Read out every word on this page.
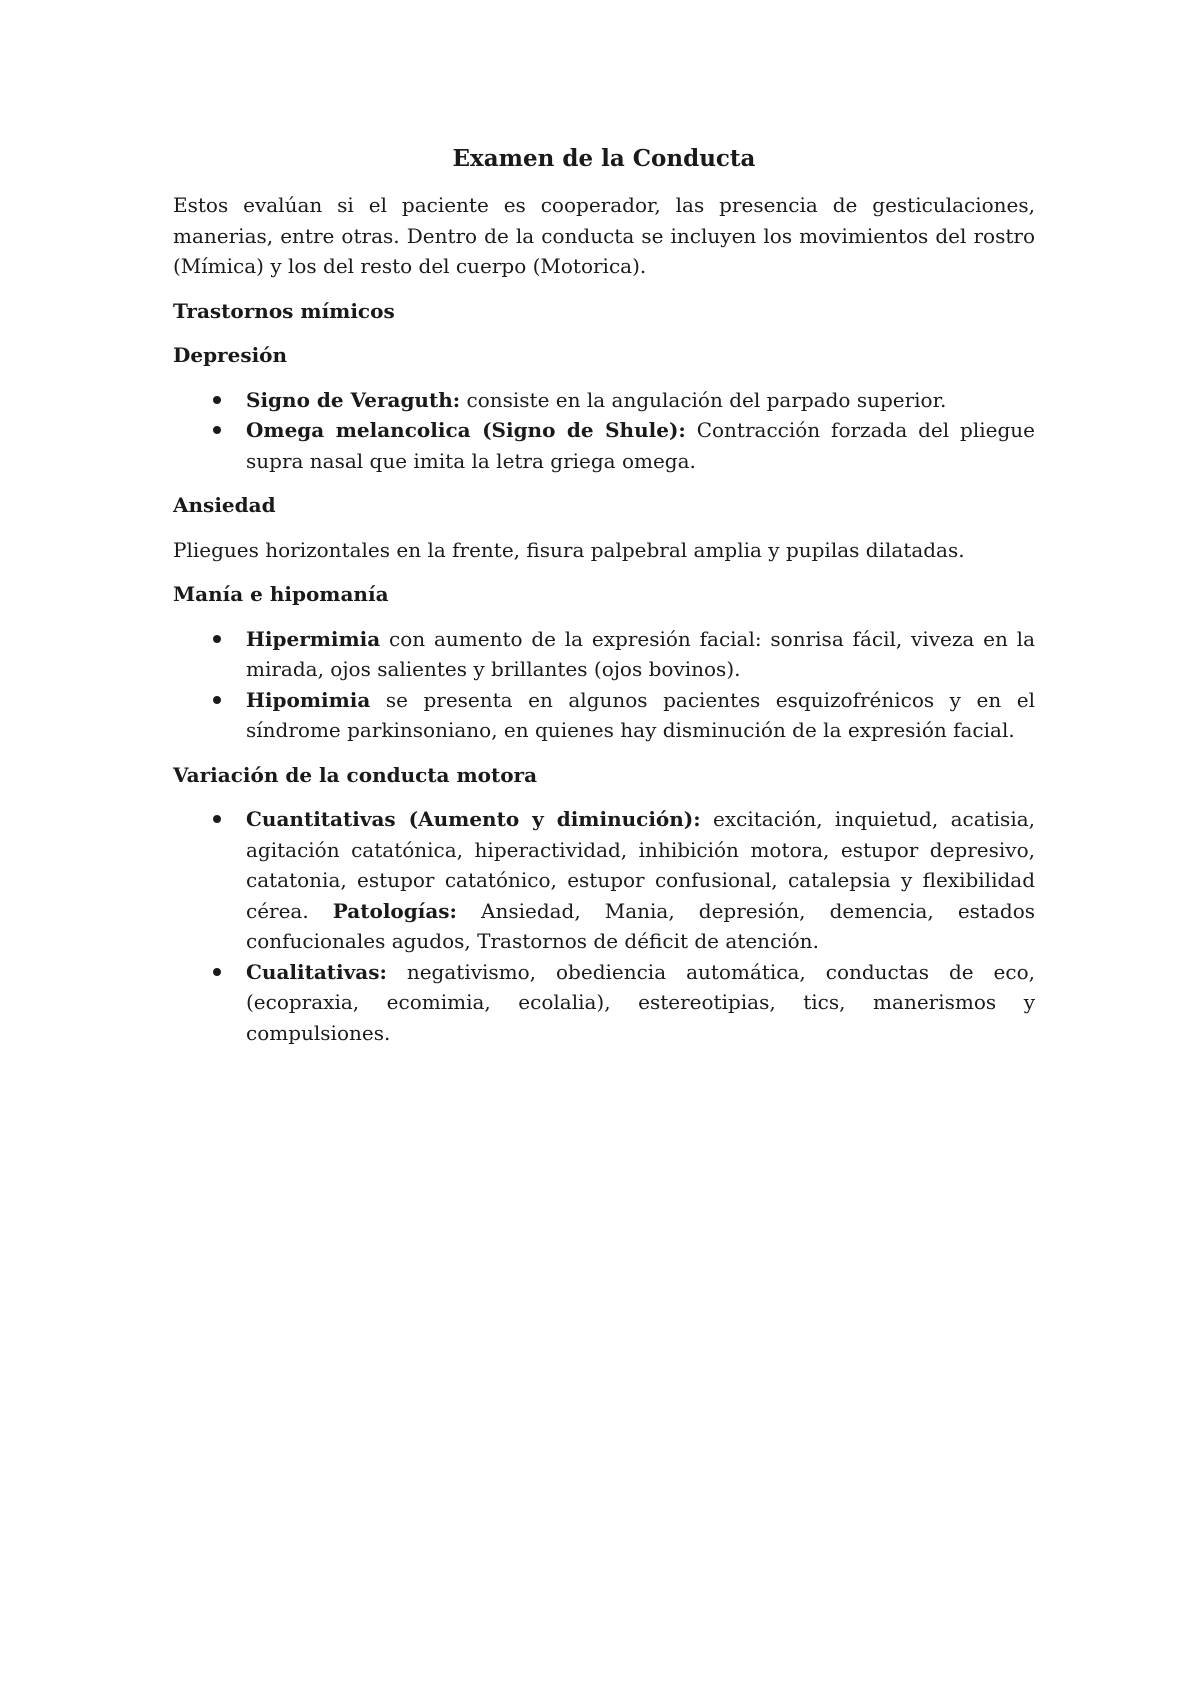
Examen de la Conducta

Estos evalúan si el paciente es cooperador, las presencia de gesticulaciones, manerias, entre otras. Dentro de la conducta se incluyen los movimientos del rostro (Mímica) y los del resto del cuerpo (Motorica).

Trastornos mímicos
Depresión
Signo de Veraguth: consiste en la angulación del parpado superior.
Omega melancolica (Signo de Shule): Contracción forzada del pliegue supra nasal que imita la letra griega omega.
Ansiedad

Pliegues horizontales en la frente, fisura palpebral amplia y pupilas dilatadas.

Manía e hipomanía
Hipermimia con aumento de la expresión facial: sonrisa fácil, viveza en la mirada, ojos salientes y brillantes (ojos bovinos).
Hipomimia se presenta en algunos pacientes esquizofrénicos y en el síndrome parkinsoniano, en quienes hay disminución de la expresión facial.
Variación de la conducta motora
Cuantitativas (Aumento y diminución): excitación, inquietud, acatisia, agitación catatónica, hiperactividad, inhibición motora, estupor depresivo, catatonia, estupor catatónico, estupor confusional, catalepsia y flexibilidad cérea. Patologías: Ansiedad, Mania, depresión, demencia, estados confucionales agudos, Trastornos de déficit de atención.
Cualitativas: negativismo, obediencia automática, conductas de eco, (ecopraxia, ecomimia, ecolalia), estereotipias, tics, manerismos y compulsiones.
